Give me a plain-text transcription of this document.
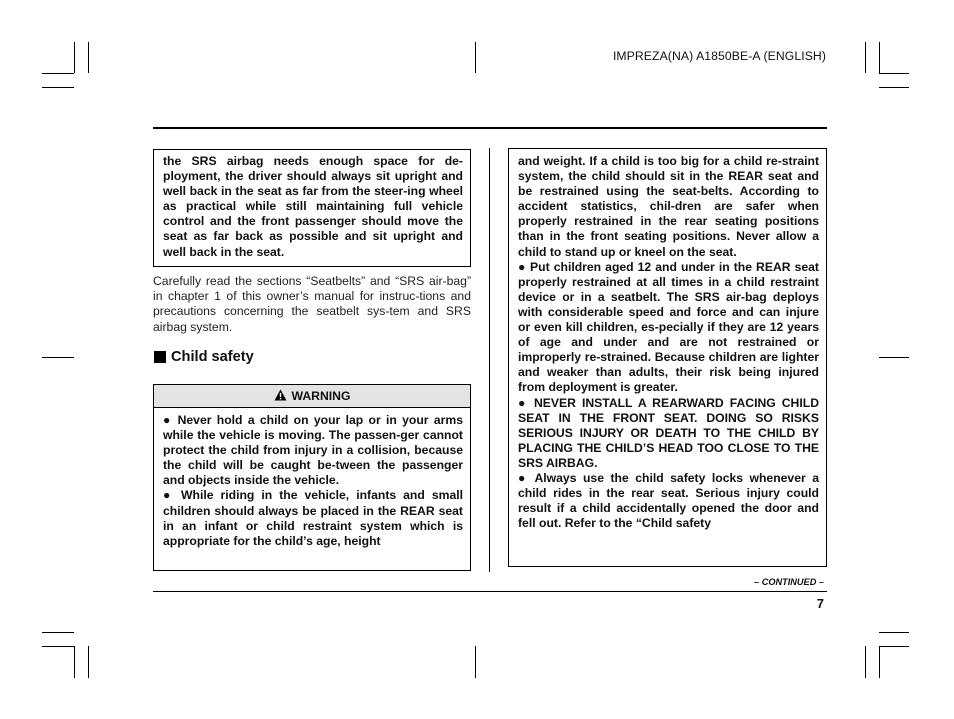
IMPREZA(NA) A1850BE-A (ENGLISH)

the SRS airbag needs enough space for de-ployment, the driver should always sit upright and well back in the seat as far from the steer-ing wheel as practical while still maintaining full vehicle control and the front passenger should move the seat as far back as possible and sit upright and well back in the seat.

Carefully read the sections “Seatbelts” and “SRS air-bag” in chapter 1 of this owner’s manual for instruc-tions and precautions concerning the seatbelt sys-tem and SRS airbag system.

Child safety
WARNING

● Never hold a child on your lap or in your arms while the vehicle is moving. The passen-ger cannot protect the child from injury in a collision, because the child will be caught be-tween the passenger and objects inside the vehicle.

● While riding in the vehicle, infants and small children should always be placed in the REAR seat in an infant or child restraint system which is appropriate for the child’s age, height

and weight. If a child is too big for a child re-straint system, the child should sit in the REAR seat and be restrained using the seat-belts. According to accident statistics, chil-dren are safer when properly restrained in the rear seating positions than in the front seating positions. Never allow a child to stand up or kneel on the seat.

● Put children aged 12 and under in the REAR seat properly restrained at all times in a child restraint device or in a seatbelt. The SRS air-bag deploys with considerable speed and force and can injure or even kill children, es-pecially if they are 12 years of age and under and are not restrained or improperly re-strained. Because children are lighter and weaker than adults, their risk being injured from deployment is greater.

● NEVER INSTALL A REARWARD FACING CHILD SEAT IN THE FRONT SEAT. DOING SO RISKS SERIOUS INJURY OR DEATH TO THE CHILD BY PLACING THE CHILD’S HEAD TOO CLOSE TO THE SRS AIRBAG.

● Always use the child safety locks whenever a child rides in the rear seat. Serious injury could result if a child accidentally opened the door and fell out. Refer to the “Child safety

– CONTINUED –
7
